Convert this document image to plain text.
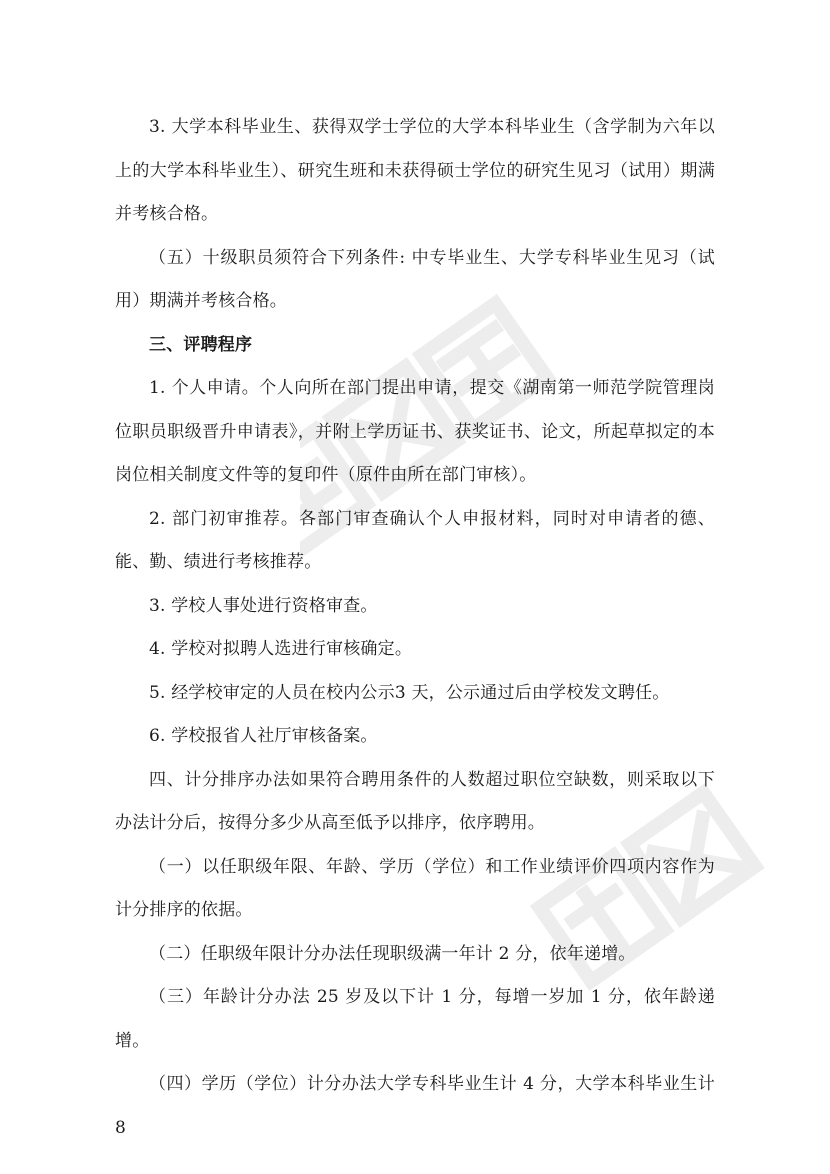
3. 大学本科毕业生、获得双学士学位的大学本科毕业生（含学制为六年以上的大学本科毕业生）、研究生班和未获得硕士学位的研究生见习（试用）期满并考核合格。

（五）十级职员须符合下列条件: 中专毕业生、大学专科毕业生见习（试用）期满并考核合格。

三、评聘程序

1. 个人申请。个人向所在部门提出申请，提交《湖南第一师范学院管理岗位职员职级晋升申请表》，并附上学历证书、获奖证书、论文，所起草拟定的本岗位相关制度文件等的复印件（原件由所在部门审核）。

2. 部门初审推荐。各部门审查确认个人申报材料，同时对申请者的德、能、勤、绩进行考核推荐。

3. 学校人事处进行资格审查。

4. 学校对拟聘人选进行审核确定。

5. 经学校审定的人员在校内公示3 天，公示通过后由学校发文聘任。

6. 学校报省人社厅审核备案。

四、计分排序办法如果符合聘用条件的人数超过职位空缺数，则采取以下办法计分后，按得分多少从高至低予以排序，依序聘用。

（一）以任职级年限、年龄、学历（学位）和工作业绩评价四项内容作为计分排序的依据。

（二）任职级年限计分办法任现职级满一年计 2 分，依年递增。

（三）年龄计分办法 25 岁及以下计 1 分，每增一岁加 1 分，依年龄递增。

（四）学历（学位）计分办法大学专科毕业生计 4 分，大学本科毕业生计 8
